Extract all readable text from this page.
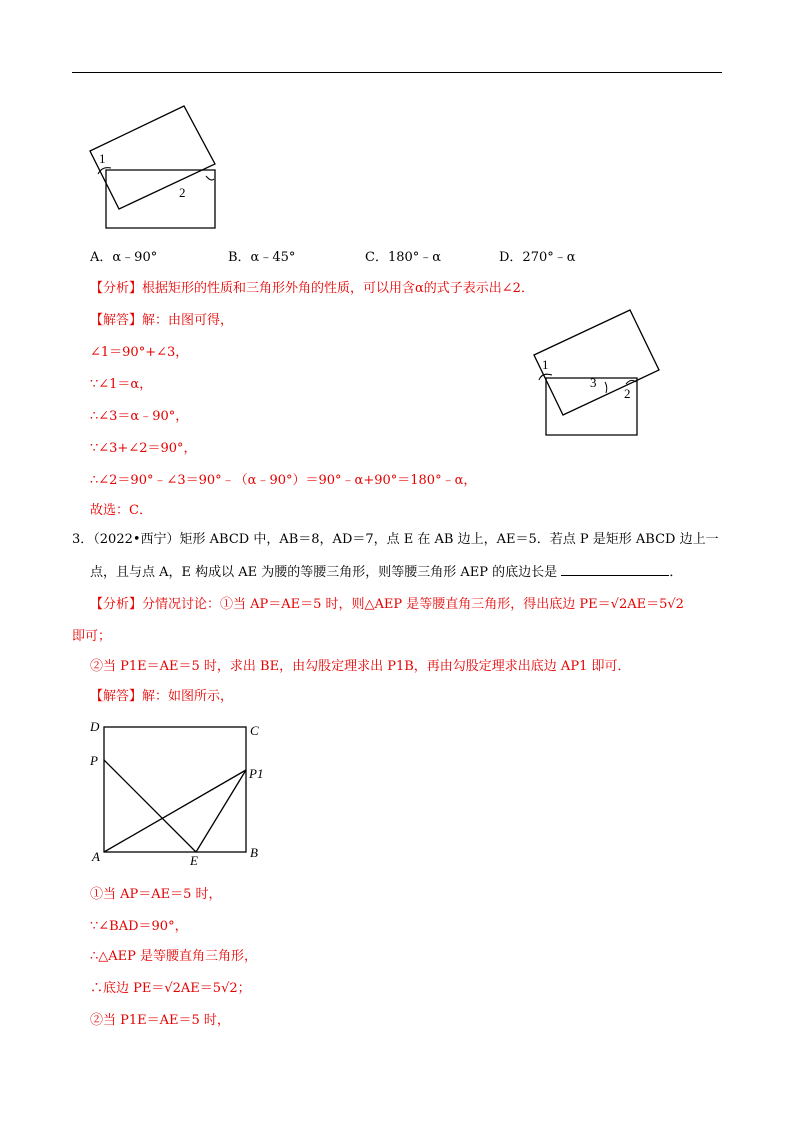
1
2
A．α﹣90°	B．α﹣45°	C．180°﹣α	D．270°﹣α
【分析】根据矩形的性质和三角形外角的性质，可以用含α的式子表示出∠2．
【解答】解：由图可得，
∠1＝90°+∠3，
∵∠1＝α，
∴∠3＝α﹣90°，
∵∠3+∠2＝90°，
∴∠2＝90°﹣∠3＝90°﹣（α﹣90°）＝90°﹣α+90°＝180°﹣α，
故选：C．
1
3
2
3．（2022•西宁）矩形 ABCD 中，AB＝8，AD＝7，点 E 在 AB 边上，AE＝5．若点 P 是矩形 ABCD 边上一
点，且与点 A，E 构成以 AE 为腰的等腰三角形，则等腰三角形 AEP 的底边长是	．
【分析】分情况讨论：①当 AP＝AE＝5 时，则△AEP 是等腰直角三角形，得出底边 PE＝√2AE＝5√2
即可；
②当 P1E＝AE＝5 时，求出 BE，由勾股定理求出 P1B，再由勾股定理求出底边 AP1 即可．
【解答】解：如图所示，
D	C
P
P1
A	E
B
①当 AP＝AE＝5 时，
∵∠BAD＝90°，
∴△AEP 是等腰直角三角形，
∴底边 PE＝√2AE＝5√2；
②当 P1E＝AE＝5 时，
